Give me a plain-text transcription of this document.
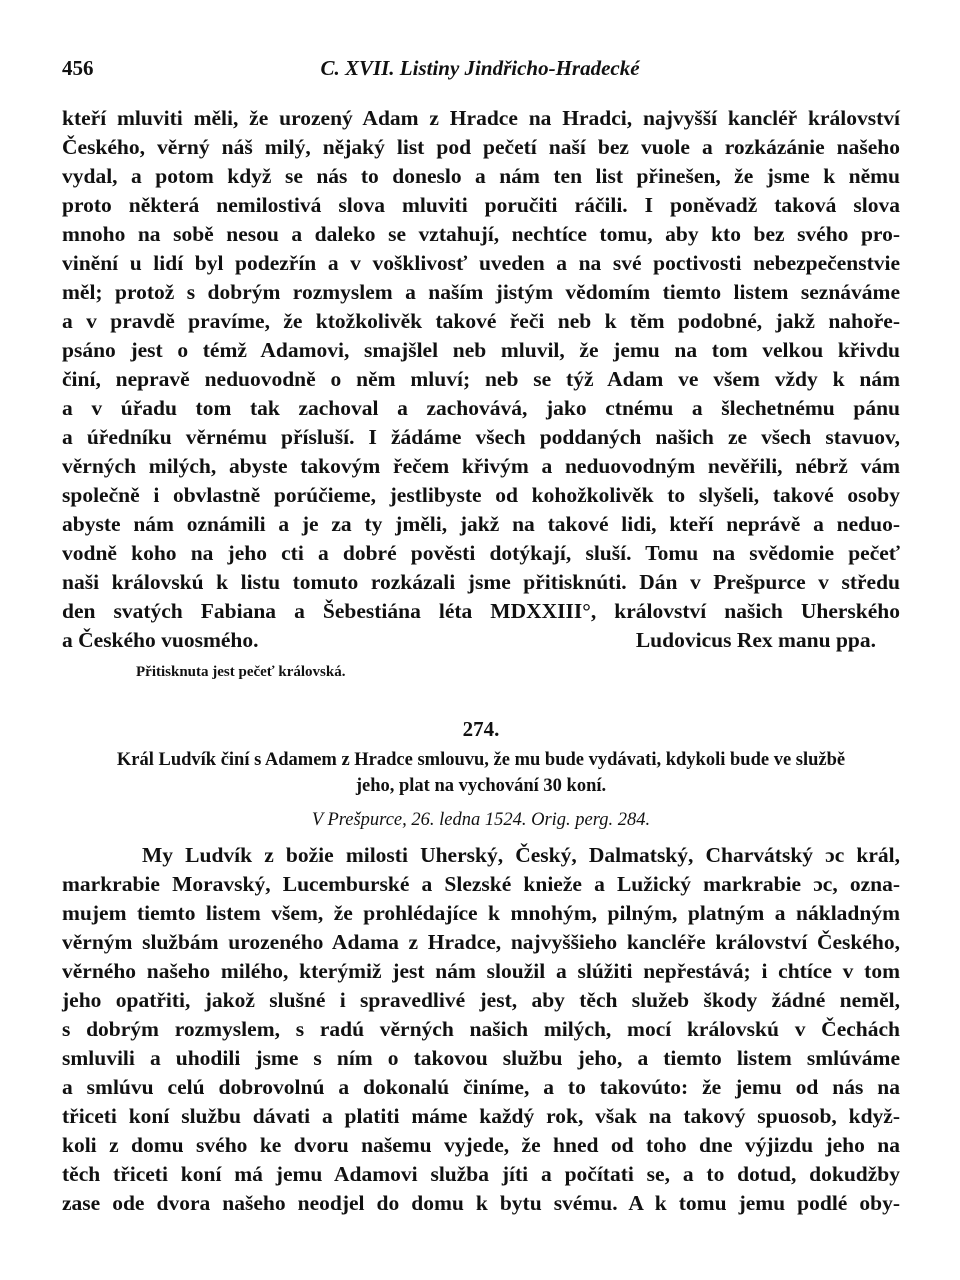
456	C. XVII. Listiny Jindřicho-Hradecké
kteří mluviti měli, že urozený Adam z Hradce na Hradci, najvyšší kancléř království
Českého, věrný náš milý, nějaký list pod pečetí naší bez vuole a rozkázánie našeho
vydal, a potom když se nás to doneslo a nám ten list přinešen, že jsme k němu
proto některá nemilostivá slova mluviti poručiti ráčili. I poněvadž taková slova
mnoho na sobě nesou a daleko se vztahují, nechtíce tomu, aby kto bez svého pro-
vinění u lidí byl podezřín a v vošklivosť uveden a na své poctivosti nebezpečenstvie
měl; protož s dobrým rozmyslem a naším jistým vědomím tiemto listem seznáváme
a v pravdě pravíme, že ktožkolivěk takové řeči neb k těm podobné, jakž nahoře-
psáno jest o témž Adamovi, smajšlel neb mluvil, že jemu na tom velkou křivdu
činí, nepravě neduovodně o něm mluví; neb se týž Adam ve všem vždy k nám
a v úřadu tom tak zachoval a zachovává, jako ctnému a šlechetnému pánu
a úředníku věrnému přísluší. I žádáme všech poddaných našich ze všech stavuov,
věrných milých, abyste takovým řečem křivým a neduovodným nevěřili, nébrž vám
společně i obvlastně porúčieme, jestlibyste od kohožkolivěk to slyšeli, takové osoby
abyste nám oznámili a je za ty jměli, jakž na takové lidi, kteří neprávě a neduo-
vodně koho na jeho cti a dobré pověsti dotýkají, sluší. Tomu na svědomie pečeť
naši královskú k listu tomuto rozkázali jsme přitisknúti. Dán v Prešpurce v středu
den svatých Fabiana a Šebestiána léta MDXXIII°, království našich Uherského
a Českého vuosmého.	Ludovicus Rex manu ppa.
Přitisknuta jest pečeť královská.
274.
Král Ludvík činí s Adamem z Hradce smlouvu, že mu bude vydávati, kdykoli bude ve službě
jeho, plat na vychování 30 koní.
V Prešpurce, 26. ledna 1524. Orig. perg. 284.
My Ludvík z božie milosti Uherský, Český, Dalmatský, Charvátský ɔc král,
markrabie Moravský, Lucemburské a Slezské knieže a Lužický markrabie ɔc, ozna-
mujem tiemto listem všem, že prohlédajíce k mnohým, pilným, platným a nákladným
věrným službám urozeného Adama z Hradce, najvyššieho kancléře království Českého,
věrného našeho milého, kterýmiž jest nám sloužil a slúžiti nepřestává; i chtíce v tom
jeho opatřiti, jakož slušné i spravedlivé jest, aby těch služeb škody žádné neměl,
s dobrým rozmyslem, s radú věrných našich milých, mocí královskú v Čechách
smluvili a uhodili jsme s ním o takovou službu jeho, a tiemto listem smlúváme
a smlúvu celú dobrovolnú a dokonalú činíme, a to takovúto: že jemu od nás na
třiceti koní službu dávati a platiti máme každý rok, však na takový spuosob, když-
koli z domu svého ke dvoru našemu vyjede, že hned od toho dne výjizdu jeho na
těch třiceti koní má jemu Adamovi služba jíti a počítati se, a to dotud, dokudžby
zase ode dvora našeho neodjel do domu k bytu svému. A k tomu jemu podlé oby-
